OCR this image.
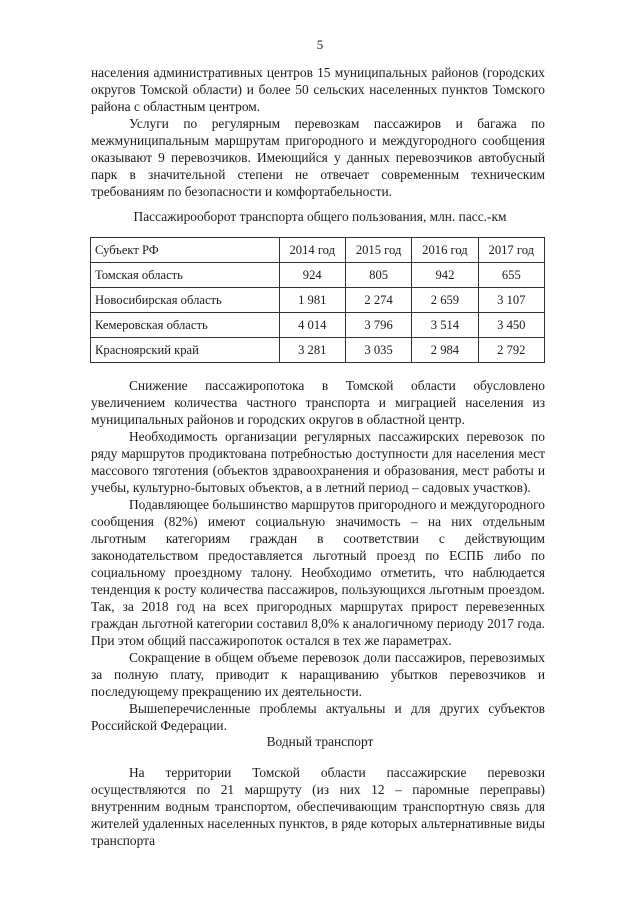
5

населения административных центров 15 муниципальных районов (городских округов Томской области) и более 50 сельских населенных пунктов Томского района с областным центром.

Услуги по регулярным перевозкам пассажиров и багажа по межмуниципальным маршрутам пригородного и междугородного сообщения оказывают 9 перевозчиков. Имеющийся у данных перевозчиков автобусный парк в значительной степени не отвечает современным техническим требованиям по безопасности и комфортабельности.

Пассажирооборот транспорта общего пользования, млн. пасс.-км
Субъект РФ	2014 год	2015 год	2016 год	2017 год
Томская область	924	805	942	655
Новосибирская область	1 981	2 274	2 659	3 107
Кемеровская область	4 014	3 796	3 514	3 450
Красноярский край	3 281	3 035	2 984	2 792

Снижение пассажиропотока в Томской области обусловлено увеличением количества частного транспорта и миграцией населения из муниципальных районов и городских округов в областной центр.

Необходимость организации регулярных пассажирских перевозок по ряду маршрутов продиктована потребностью доступности для населения мест массового тяготения (объектов здравоохранения и образования, мест работы и учебы, культурно-бытовых объектов, а в летний период – садовых участков).

Подавляющее большинство маршрутов пригородного и междугородного сообщения (82%) имеют социальную значимость – на них отдельным льготным категориям граждан в соответствии с действующим законодательством предоставляется льготный проезд по ЕСПБ либо по социальному проездному талону. Необходимо отметить, что наблюдается тенденция к росту количества пассажиров, пользующихся льготным проездом. Так, за 2018 год на всех пригородных маршрутах прирост перевезенных граждан льготной категории составил 8,0% к аналогичному периоду 2017 года. При этом общий пассажиропоток остался в тех же параметрах.

Сокращение в общем объеме перевозок доли пассажиров, перевозимых за полную плату, приводит к наращиванию убытков перевозчиков и последующему прекращению их деятельности.

Вышеперечисленные проблемы актуальны и для других субъектов Российской Федерации.

Водный транспорт

На территории Томской области пассажирские перевозки осуществляются по 21 маршруту (из них 12 – паромные переправы) внутренним водным транспортом, обеспечивающим транспортную связь для жителей удаленных населенных пунктов, в ряде которых альтернативные виды транспорта
